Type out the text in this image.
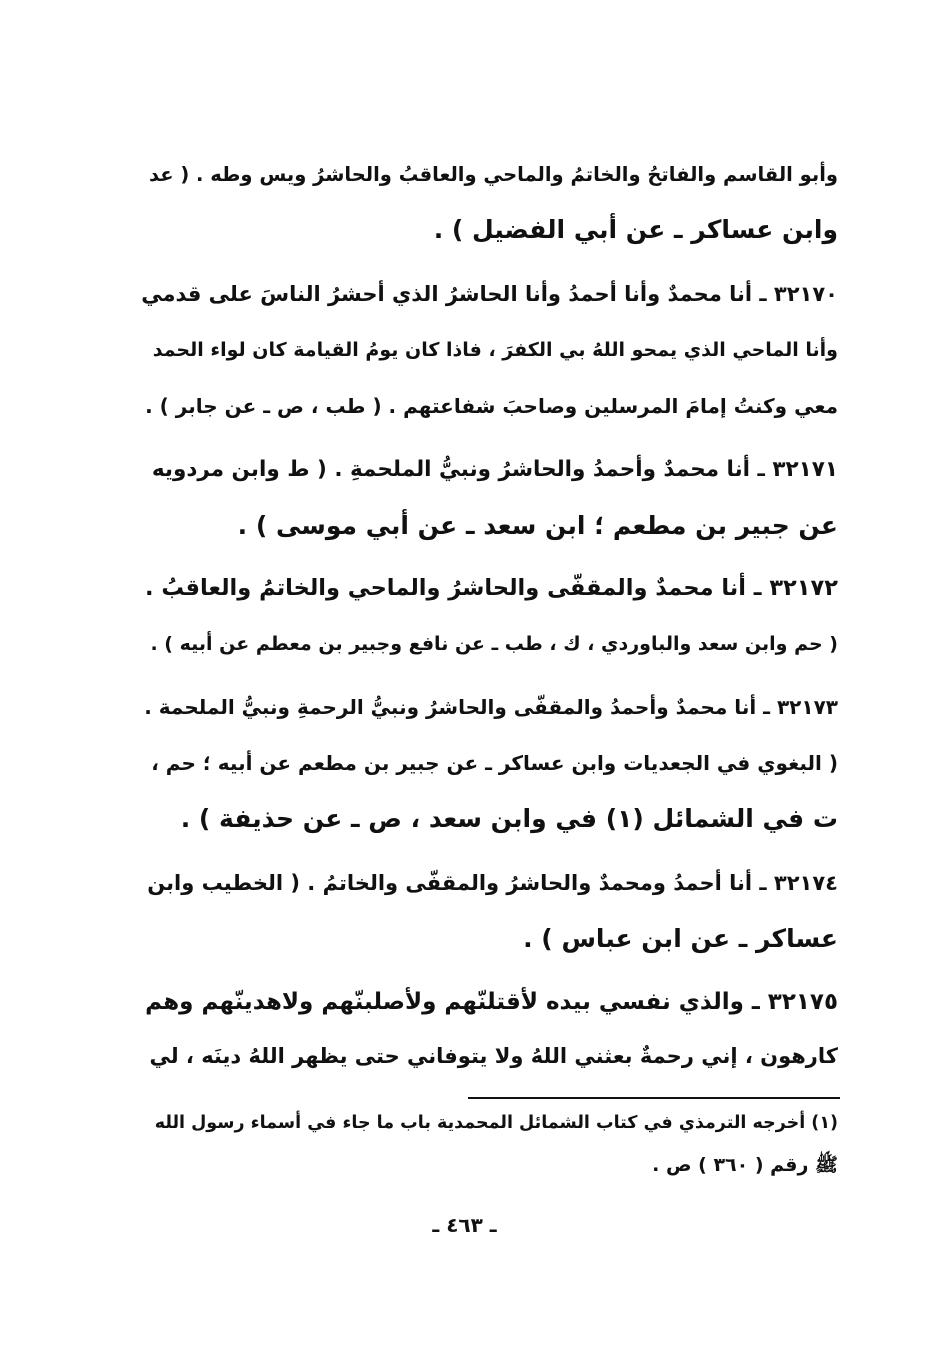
وأبو القاسم والفاتحُ والخاتمُ والماحي والعاقبُ والحاشرُ ويس وطه . ( عد
وابن عساكر ـ عن أبي الفضيل ) .
٣٢١٧٠ ـ أنا محمدٌ وأنا أحمدُ وأنا الحاشرُ الذي أحشرُ الناسَ على قدمي
وأنا الماحي الذي يمحو اللهُ بي الكفرَ ، فاذا كان يومُ القيامة كان لواء الحمد
معي وكنتُ إمامَ المرسلين وصاحبَ شفاعتهم . ( طب ، ص ـ عن جابر ) .
٣٢١٧١ ـ أنا محمدٌ وأحمدُ والحاشرُ ونبيُّ الملحمةِ . ( ط وابن مردويه
عن جبير بن مطعم ؛ ابن سعد ـ عن أبي موسى ) .
٣٢١٧٢ ـ أنا محمدٌ والمقفّى والحاشرُ والماحي والخاتمُ والعاقبُ .
( حم وابن سعد والباوردي ، ك ، طب ـ عن نافع وجبير بن معطم عن أبيه ) .
٣٢١٧٣ ـ أنا محمدٌ وأحمدُ والمقفّى والحاشرُ ونبيُّ الرحمةِ ونبيُّ الملحمة .
( البغوي في الجعديات وابن عساكر ـ عن جبير بن مطعم عن أبيه ؛ حم ،
ت في الشمائل (١) في وابن سعد ، ص ـ عن حذيفة ) .
٣٢١٧٤ ـ أنا أحمدُ ومحمدٌ والحاشرُ والمقفّى والخاتمُ . ( الخطيب وابن
عساكر ـ عن ابن عباس ) .
٣٢١٧٥ ـ والذي نفسي بيده لأقتلنّهم ولأصلبنّهم ولاهدينّهم وهم
كارهون ، إني رحمةٌ بعثني اللهُ ولا يتوفاني حتى يظهر اللهُ دينَه ، لي
(١) أخرجه الترمذي في كتاب الشمائل المحمدية باب ما جاء في أسماء رسول الله
ﷺ رقم ( ٣٦٠ ) ص .
ـ ٤٦٣ ـ
